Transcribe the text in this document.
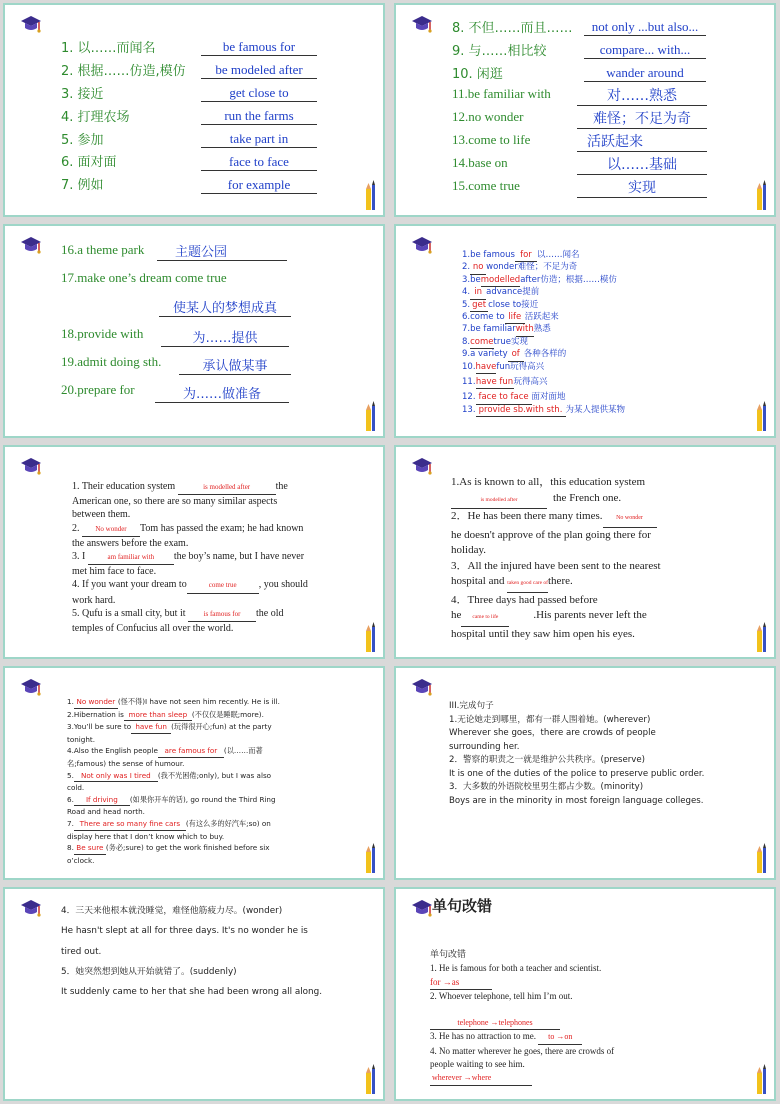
1. 以……而闻名	be famous for
2. 根据……仿造,模仿	be modeled after
3. 接近	get close to
4. 打理农场	run the farms
5. 参加	take part in
6. 面对面	face to face
7. 例如	for example
8. 不但……而且……	not only ...but also...
9. 与……相比较	compare... with...
10. 闲逛	wander around
11.be familiar with	对……熟悉
12.no wonder	难怪；不足为奇
13.come to life	活跃起来
14.base on	以……基础
15.come true	实现
16.a theme park	主题公园
17.make one’s dream come true
使某人的梦想成真
18.provide with	为……提供
19.admit doing sth.	承认做某事
20.prepare for	为……做准备
1.be famous for 以……闻名
2. no wonder难怪；不足为奇
3.bemodelledafter仿造；根据……模仿
4. in advance提前
5. get close to接近
6.come to life 活跃起来
7.be familiarwith熟悉
8.cometrue实现
9.a variety of 各种各样的
10.havefun玩得高兴
11.have fun玩得高兴
12. face to face 面对面地
13. provide sb.with sth. 为某人提供某物
1. Their education system	is modelled after	the
American one, so there are so many similar aspects
between them.
2. No wonder Tom has passed the exam; he had known
the answers before the exam.
3. I	am familiar with the boy’s name, but I have never
met him face to face.
4. If you want your dream to	come true , you should
work hard.
5. Qufu is a small city, but it	is famous for the old
temples of Confucius all over the world.
1.As is known to all，this education system
is modelled after	the French one.
2．He has been there many times. No wonder
he doesn't approve of the plan going there for
holiday.
3．All the injured have been sent to the nearest
hospital and taken good care ofthere.
4．Three days had passed before
he came to life	.His parents never left the
hospital until they saw him open his eyes.
1. No wonder (怪不得)I have not seen him recently. He is ill.
2.Hibernation is more than sleep (不仅仅是睡眠;more).
3.You’ll be sure to have fun (玩得很开心;fun) at the party
tonight.
4.Also the English people are famous for (以……而著
名;famous) the sense of humour.
5. Not only was I tired (我不光困倦;only), but I was also
cold.
6. If driving (如果你开车的话), go round the Third Ring
Road and head north.
7. There are so many fine cars (有这么多的好汽车;so) on
display here that I don’t know which to buy.
8. Be sure (务必;sure) to get the work finished before six
o’clock.
III.完成句子
1.无论她走到哪里，都有一群人围着她。(wherever)
Wherever she goes，there are crowds of people
surrounding her.
2．警察的职责之一就是维护公共秩序。(preserve)
It is one of the duties of the police to preserve public order.
3．大多数的外语院校里男生都占少数。(minority)
Boys are in the minority in most foreign language colleges.
4．三天来他根本就没睡觉，难怪他筋疲力尽。(wonder)
He hasn't slept at all for three days. It's no wonder he is
tired out.
5．她突然想到她从开始就错了。(suddenly)
It suddenly came to her that she had been wrong all along.
单句改错
单句改错
1. He is famous for both a teacher and scientist.
for →as
2. Whoever telephone, tell him I’m out.
telephone →telephones
3. He has no attraction to me. to →on
4. No matter wherever he goes, there are crowds of
people waiting to see him.
wherever →where
